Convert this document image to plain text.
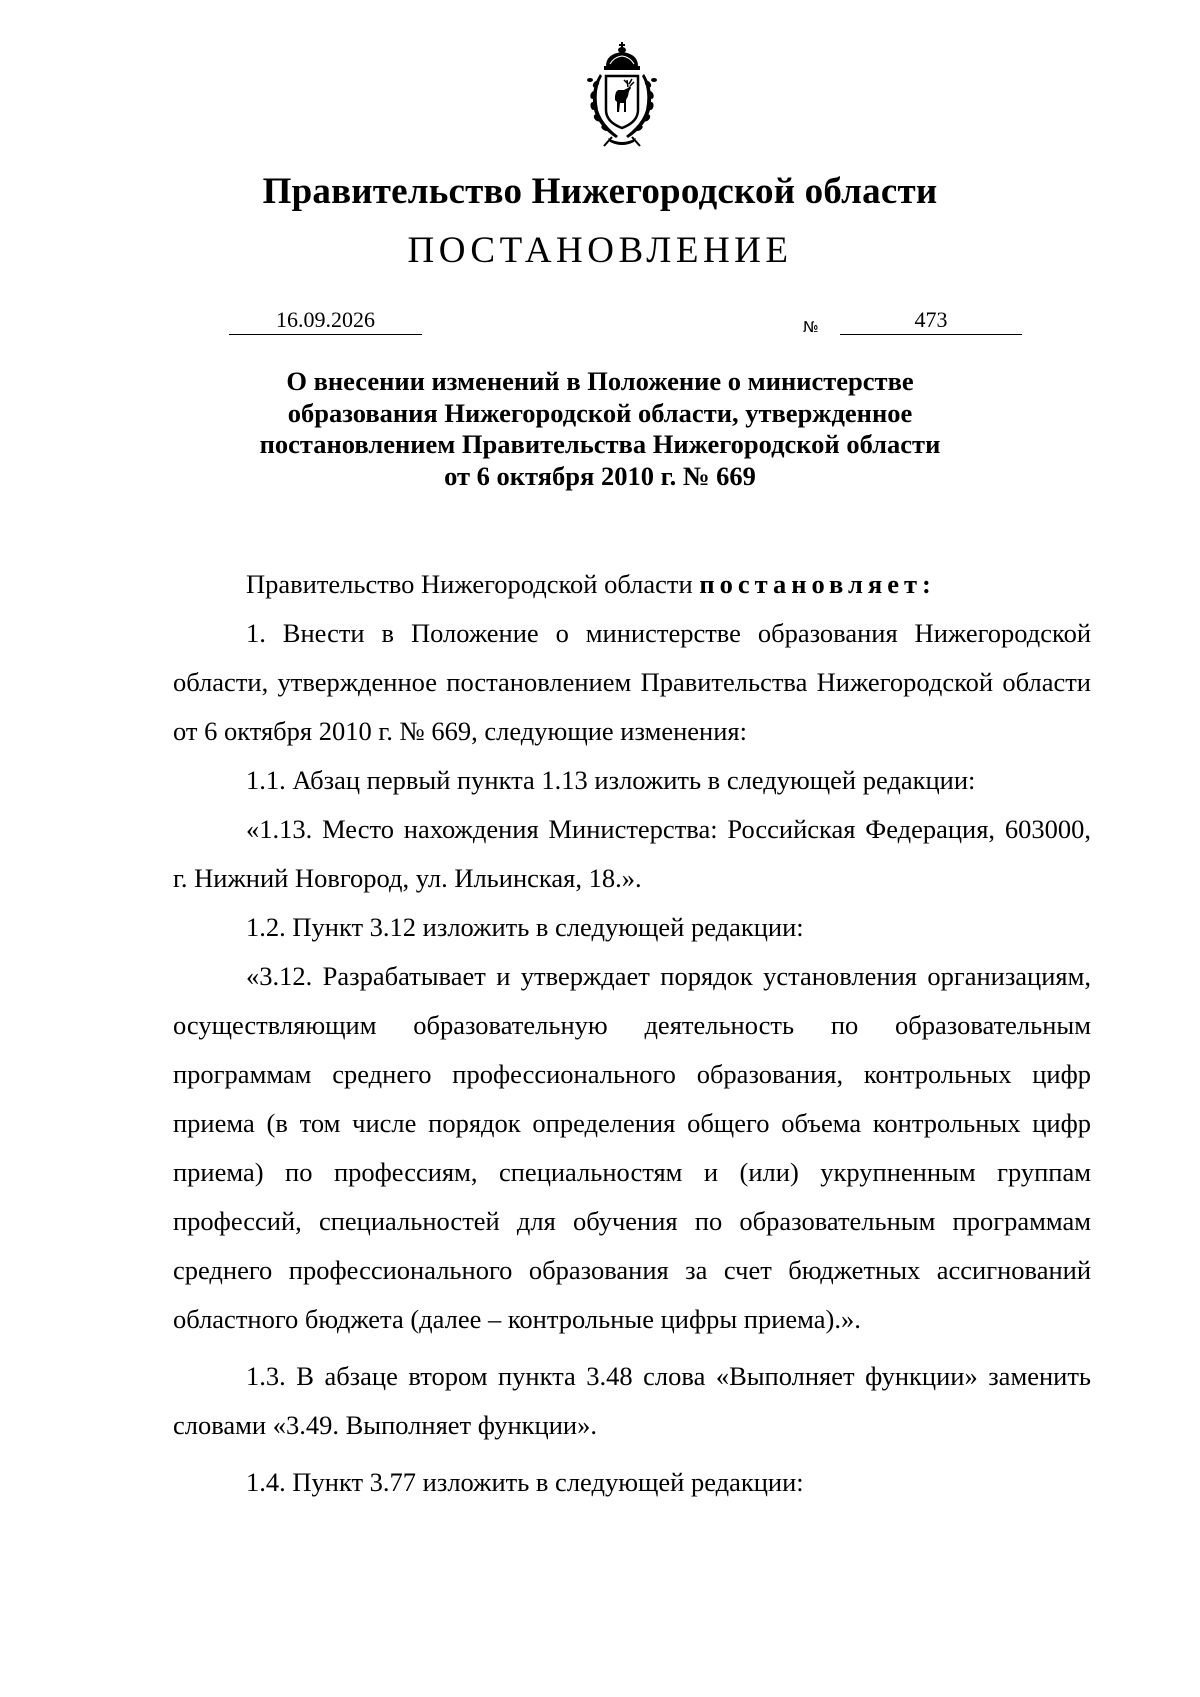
Правительство Нижегородской области
ПОСТАНОВЛЕНИЕ
16.09.2026	№	473
О внесении изменений в Положение о министерстве
образования Нижегородской области, утвержденное
постановлением Правительства Нижегородской области
от 6 октября 2010 г. № 669

Правительство Нижегородской области постановляет:

1. Внести в Положение о министерстве образования Нижегородской области, утвержденное постановлением Правительства Нижегородской области от 6 октября 2010 г. № 669, следующие изменения:

1.1. Абзац первый пункта 1.13 изложить в следующей редакции:

«1.13. Место нахождения Министерства: Российская Федерация, 603000, г. Нижний Новгород, ул. Ильинская, 18.».

1.2. Пункт 3.12 изложить в следующей редакции:

«3.12. Разрабатывает и утверждает порядок установления организациям, осуществляющим образовательную деятельность по образовательным программам среднего профессионального образования, контрольных цифр приема (в том числе порядок определения общего объема контрольных цифр приема) по профессиям, специальностям и (или) укрупненным группам профессий, специальностей для обучения по образовательным программам среднего профессионального образования за счет бюджетных ассигнований областного бюджета (далее – контрольные цифры приема).».

1.3. В абзаце втором пункта 3.48 слова «Выполняет функции» заменить словами «3.49. Выполняет функции».

1.4. Пункт 3.77 изложить в следующей редакции:
